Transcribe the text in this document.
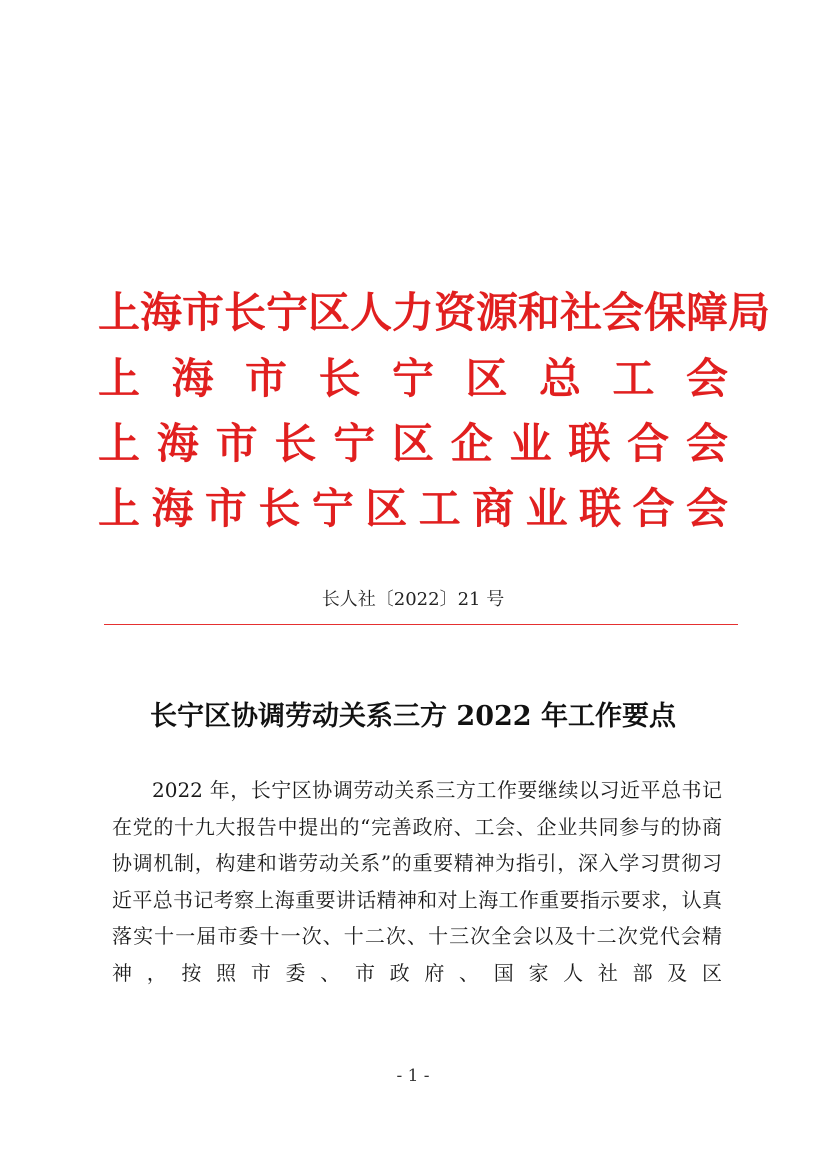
上海市长宁区人力资源和社会保障局
上海市长宁区总工会
上海市长宁区企业联合会
上海市长宁区工商业联合会
长人社〔2022〕21 号
长宁区协调劳动关系三方 2022 年工作要点

2022 年，长宁区协调劳动关系三方工作要继续以习近平总书记在党的十九大报告中提出的“完善政府、工会、企业共同参与的协商协调机制，构建和谐劳动关系”的重要精神为指引，深入学习贯彻习近平总书记考察上海重要讲话精神和对上海工作重要指示要求，认真落实十一届市委十一次、十二次、十三次全会以及十二次党代会精神，按照市委、市政府、国家人社部及区

- 1 -
